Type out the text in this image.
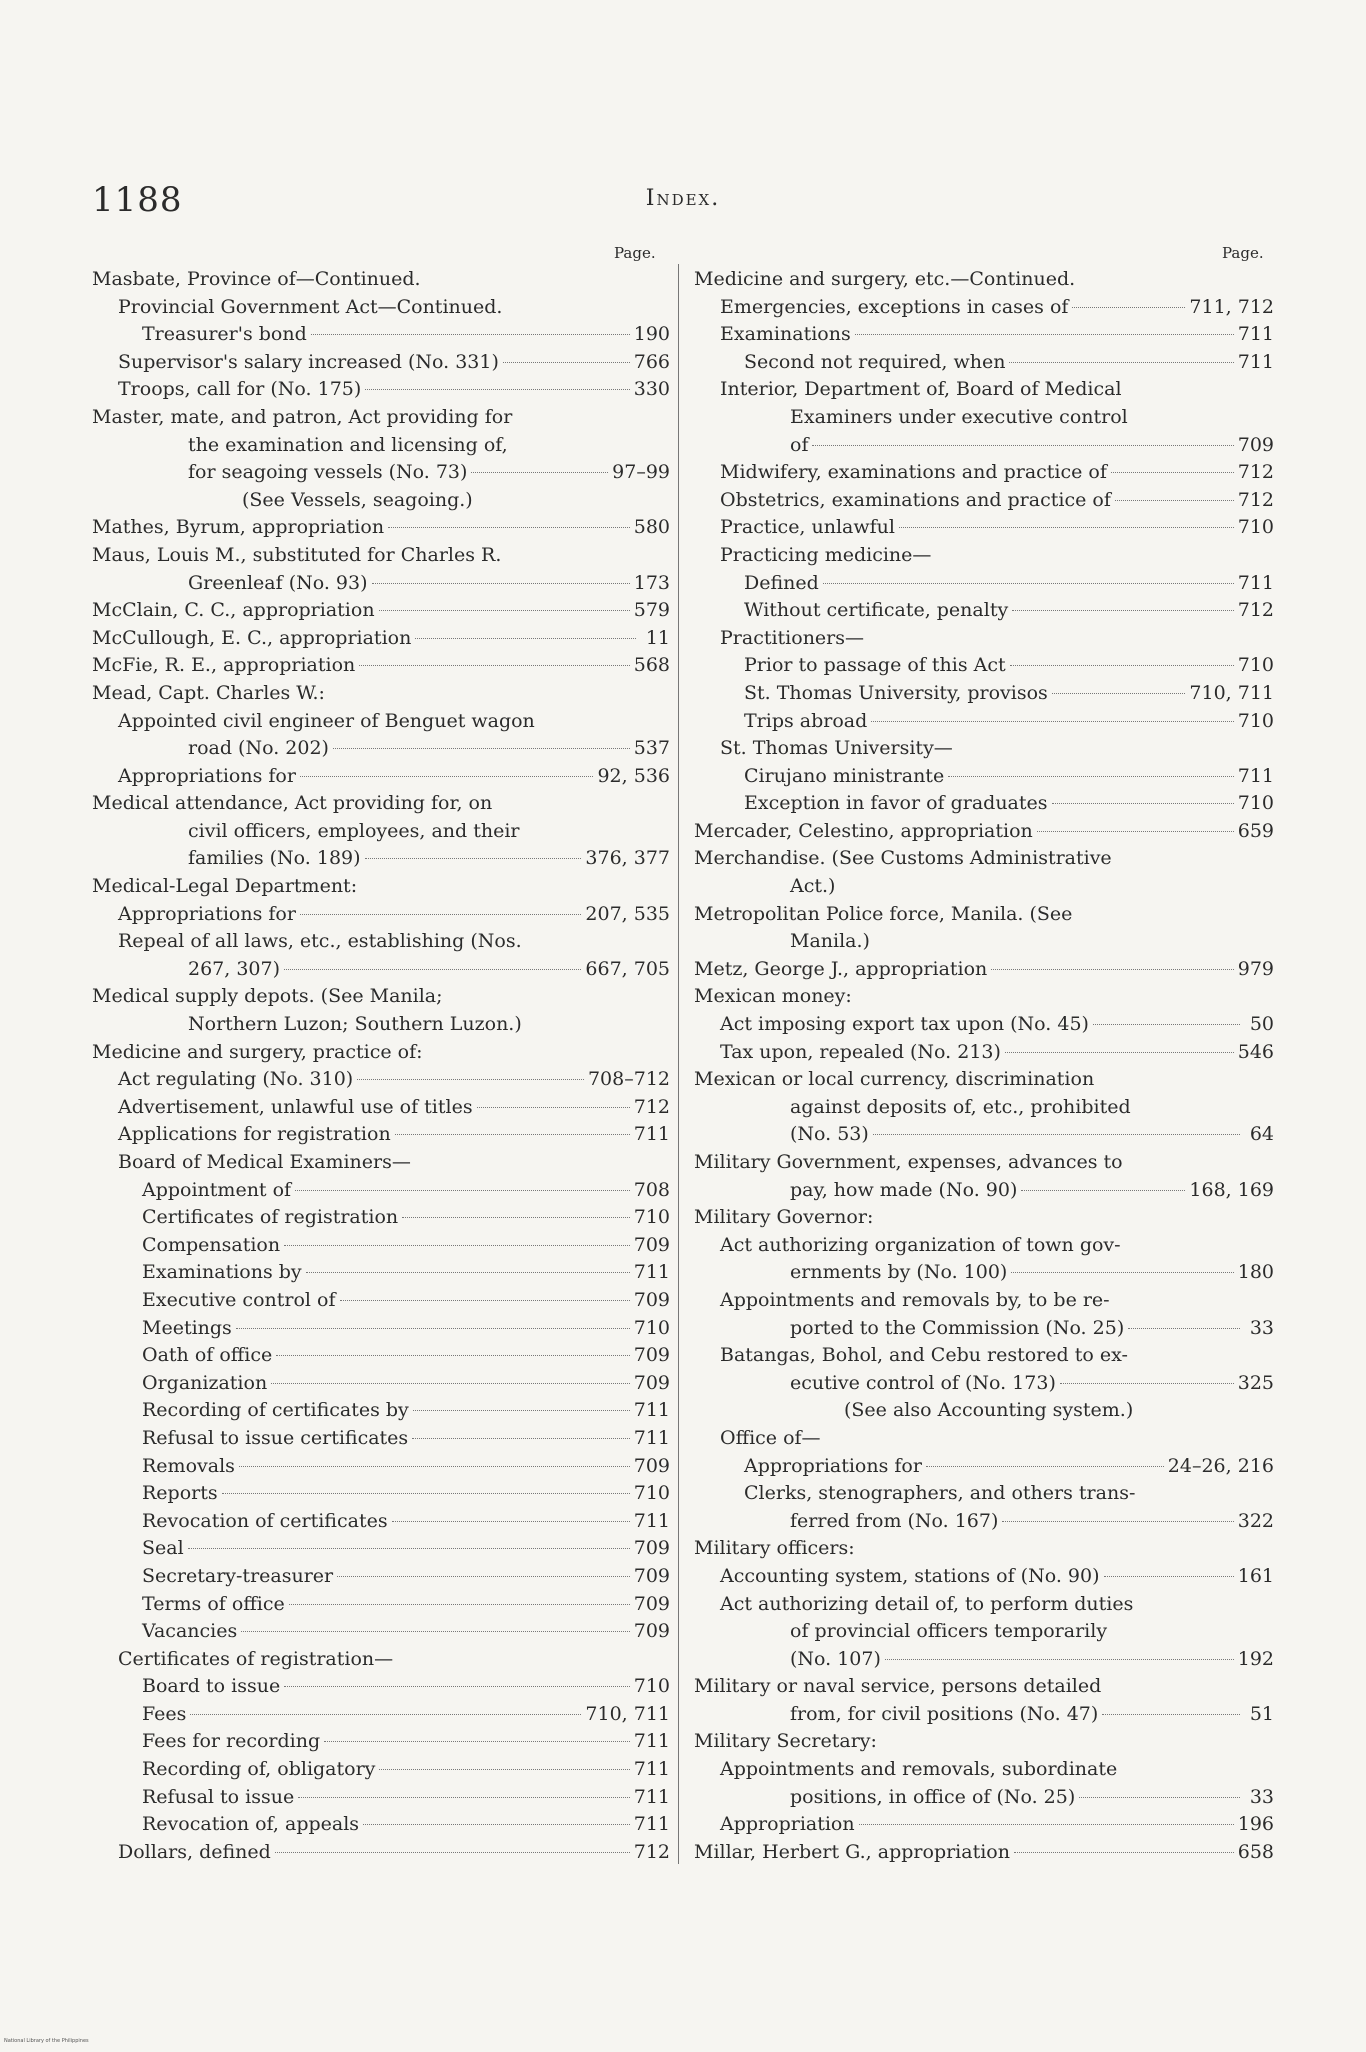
1188	Index.
Page.	Page.
Masbate, Province of—Continued.
Provincial Government Act—Continued.
Treasurer's bond	190
Supervisor's salary increased (No. 331)	766
Troops, call for (No. 175)	330
Master, mate, and patron, Act providing for
the examination and licensing of,
for seagoing vessels (No. 73)	97–99
(See Vessels, seagoing.)
Mathes, Byrum, appropriation	580
Maus, Louis M., substituted for Charles R.
Greenleaf (No. 93)	173
McClain, C. C., appropriation	579
McCullough, E. C., appropriation	11
McFie, R. E., appropriation	568
Mead, Capt. Charles W.:
Appointed civil engineer of Benguet wagon
road (No. 202)	537
Appropriations for	92, 536
Medical attendance, Act providing for, on
civil officers, employees, and their
families (No. 189)	376, 377
Medical-Legal Department:
Appropriations for	207, 535
Repeal of all laws, etc., establishing (Nos.
267, 307)	667, 705
Medical supply depots. (See Manila;
Northern Luzon; Southern Luzon.)
Medicine and surgery, practice of:
Act regulating (No. 310)	708–712
Advertisement, unlawful use of titles	712
Applications for registration	711
Board of Medical Examiners—
Appointment of	708
Certificates of registration	710
Compensation	709
Examinations by	711
Executive control of	709
Meetings	710
Oath of office	709
Organization	709
Recording of certificates by	711
Refusal to issue certificates	711
Removals	709
Reports	710
Revocation of certificates	711
Seal	709
Secretary-treasurer	709
Terms of office	709
Vacancies	709
Certificates of registration—
Board to issue	710
Fees	710, 711
Fees for recording	711
Recording of, obligatory	711
Refusal to issue	711
Revocation of, appeals	711
Dollars, defined	712
Medicine and surgery, etc.—Continued.
Emergencies, exceptions in cases of	711, 712
Examinations	711
Second not required, when	711
Interior, Department of, Board of Medical
Examiners under executive control
of	709
Midwifery, examinations and practice of	712
Obstetrics, examinations and practice of	712
Practice, unlawful	710
Practicing medicine—
Defined	711
Without certificate, penalty	712
Practitioners—
Prior to passage of this Act	710
St. Thomas University, provisos	710, 711
Trips abroad	710
St. Thomas University—
Cirujano ministrante	711
Exception in favor of graduates	710
Mercader, Celestino, appropriation	659
Merchandise. (See Customs Administrative
Act.)
Metropolitan Police force, Manila. (See
Manila.)
Metz, George J., appropriation	979
Mexican money:
Act imposing export tax upon (No. 45)	50
Tax upon, repealed (No. 213)	546
Mexican or local currency, discrimination
against deposits of, etc., prohibited
(No. 53)	64
Military Government, expenses, advances to
pay, how made (No. 90)	168, 169
Military Governor:
Act authorizing organization of town gov-
ernments by (No. 100)	180
Appointments and removals by, to be re-
ported to the Commission (No. 25)	33
Batangas, Bohol, and Cebu restored to ex-
ecutive control of (No. 173)	325
(See also Accounting system.)
Office of—
Appropriations for	24–26, 216
Clerks, stenographers, and others trans-
ferred from (No. 167)	322
Military officers:
Accounting system, stations of (No. 90)	161
Act authorizing detail of, to perform duties
of provincial officers temporarily
(No. 107)	192
Military or naval service, persons detailed
from, for civil positions (No. 47)	51
Military Secretary:
Appointments and removals, subordinate
positions, in office of (No. 25)	33
Appropriation	196
Millar, Herbert G., appropriation	658
National Library of the Philippines
